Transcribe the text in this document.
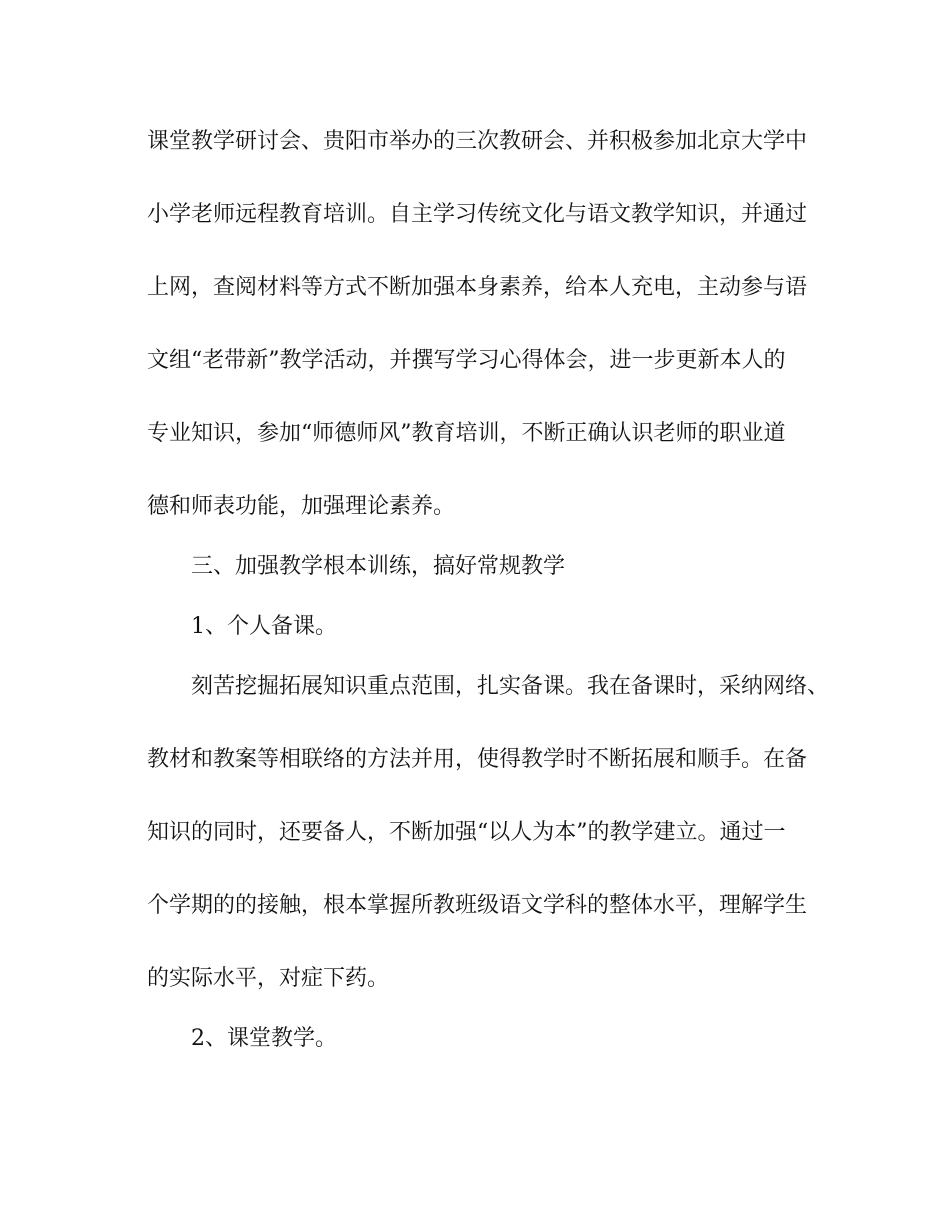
课堂教学研讨会、贵阳市举办的三次教研会、并积极参加北京大学中
小学老师远程教育培训。自主学习传统文化与语文教学知识，并通过
上网，查阅材料等方式不断加强本身素养，给本人充电，主动参与语
文组“老带新”教学活动，并撰写学习心得体会，进一步更新本人的
专业知识，参加“师德师风”教育培训，不断正确认识老师的职业道
德和师表功能，加强理论素养。
三、加强教学根本训练，搞好常规教学
1、个人备课。
刻苦挖掘拓展知识重点范围，扎实备课。我在备课时，采纳网络、
教材和教案等相联络的方法并用，使得教学时不断拓展和顺手。在备
知识的同时，还要备人，不断加强“以人为本”的教学建立。通过一
个学期的的接触，根本掌握所教班级语文学科的整体水平，理解学生
的实际水平，对症下药。
2、课堂教学。
